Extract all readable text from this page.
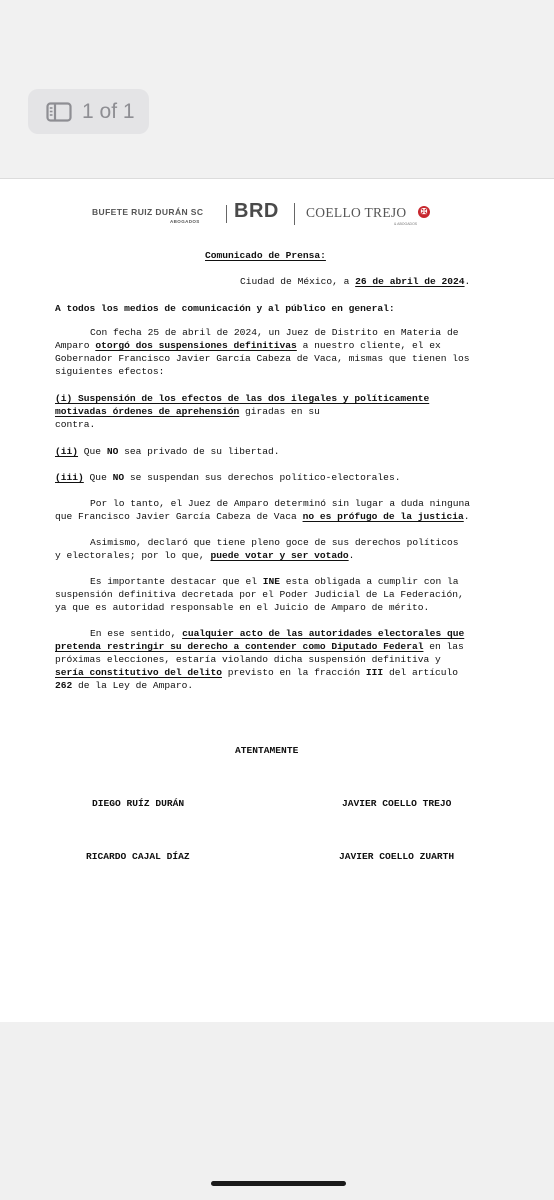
1 of 1
BUFETE RUIZ DURÁN SC
ABOGADOS BRD COELLO TREJO
& ABOGADOS
✠
Comunicado de Prensa:
Ciudad de México, a 26 de abril de 2024.
A todos los medios de comunicación y al público en general:
Con fecha 25 de abril de 2024, un Juez de Distrito en Materia de
Amparo otorgó dos suspensiones definitivas a nuestro cliente, el ex
Gobernador Francisco Javier García Cabeza de Vaca, mismas que tienen los
siguientes efectos:
(i) Suspensión de los efectos de las dos ilegales y políticamente
motivadas órdenes de aprehensión giradas en su
contra.
(ii) Que NO sea privado de su libertad.
(iii) Que NO se suspendan sus derechos político-electorales.
Por lo tanto, el Juez de Amparo determinó sin lugar a duda ninguna
que Francisco Javier García Cabeza de Vaca no es prófugo de la justicia.
Asimismo, declaró que tiene pleno goce de sus derechos políticos
y electorales; por lo que, puede votar y ser votado.
Es importante destacar que el INE esta obligada a cumplir con la
suspensión definitiva decretada por el Poder Judicial de La Federación,
ya que es autoridad responsable en el Juicio de Amparo de mérito.
En ese sentido, cualquier acto de las autoridades electorales que
pretenda restringir su derecho a contender como Diputado Federal en las
próximas elecciones, estaría violando dicha suspensión definitiva y
sería constitutivo del delito previsto en la fracción III del artículo
262 de la Ley de Amparo.
ATENTAMENTE
DIEGO RUÍZ DURÁN	JAVIER COELLO TREJO
RICARDO CAJAL DÍAZ	JAVIER COELLO ZUARTH
